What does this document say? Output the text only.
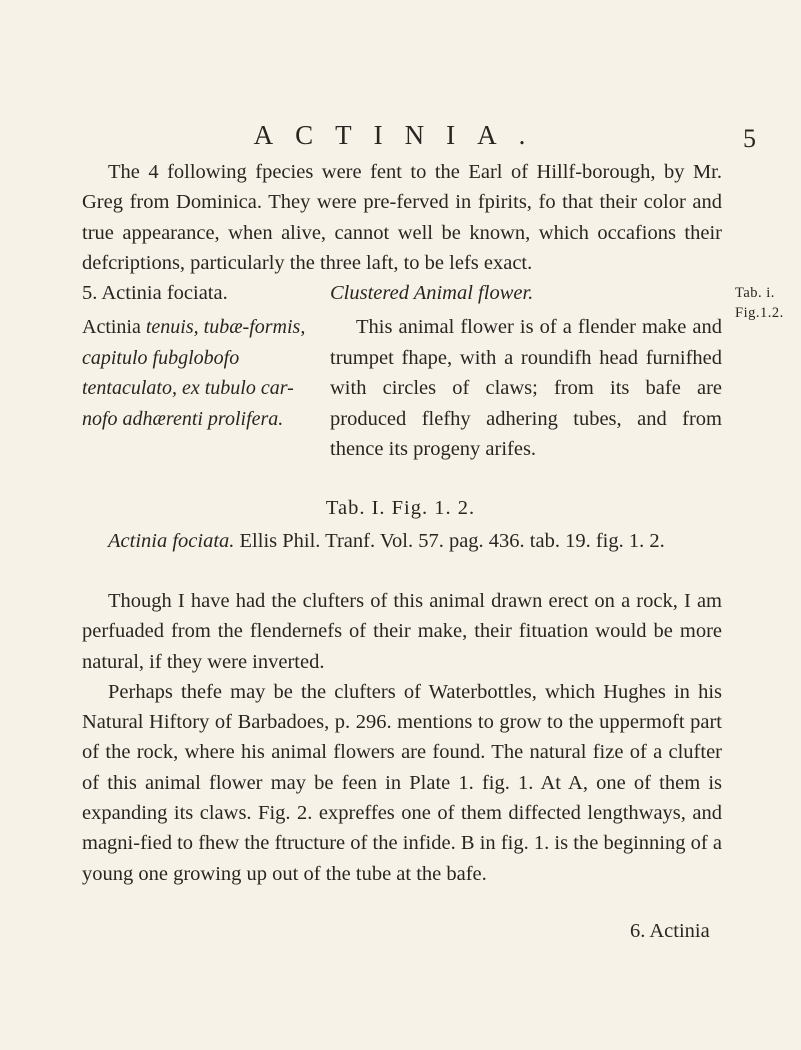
ACTINIA.	5

The 4 following fpecies were fent to the Earl of Hillf-borough, by Mr. Greg from Dominica. They were pre-ferved in fpirits, fo that their color and true appearance, when alive, cannot well be known, which occafions their defcriptions, particularly the three laft, to be lefs exact.

5. Actinia fociata.	Clustered Animal flower.	Tab. i.
Fig.1.2.
Actinia tenuis, tubæ-formis, capitulo fubglobofo tentaculato, ex tubulo car-nofo adhærenti prolifera.

This animal flower is of a flender make and trumpet fhape, with a roundifh head furnifhed with circles of claws; from its bafe are produced flefhy adhering tubes, and from thence its progeny arifes.

Tab. I. Fig. 1. 2.

Actinia fociata. Ellis Phil. Tranf. Vol. 57. pag. 436. tab. 19. fig. 1. 2.

Though I have had the clufters of this animal drawn erect on a rock, I am perfuaded from the flendernefs of their make, their fituation would be more natural, if they were inverted.

Perhaps thefe may be the clufters of Waterbottles, which Hughes in his Natural Hiftory of Barbadoes, p. 296. mentions to grow to the uppermoft part of the rock, where his animal flowers are found. The natural fize of a clufter of this animal flower may be feen in Plate 1. fig. 1. At A, one of them is expanding its claws. Fig. 2. expreffes one of them diffected lengthways, and magni-fied to fhew the ftructure of the infide. B in fig. 1. is the beginning of a young one growing up out of the tube at the bafe.

6. Actinia
